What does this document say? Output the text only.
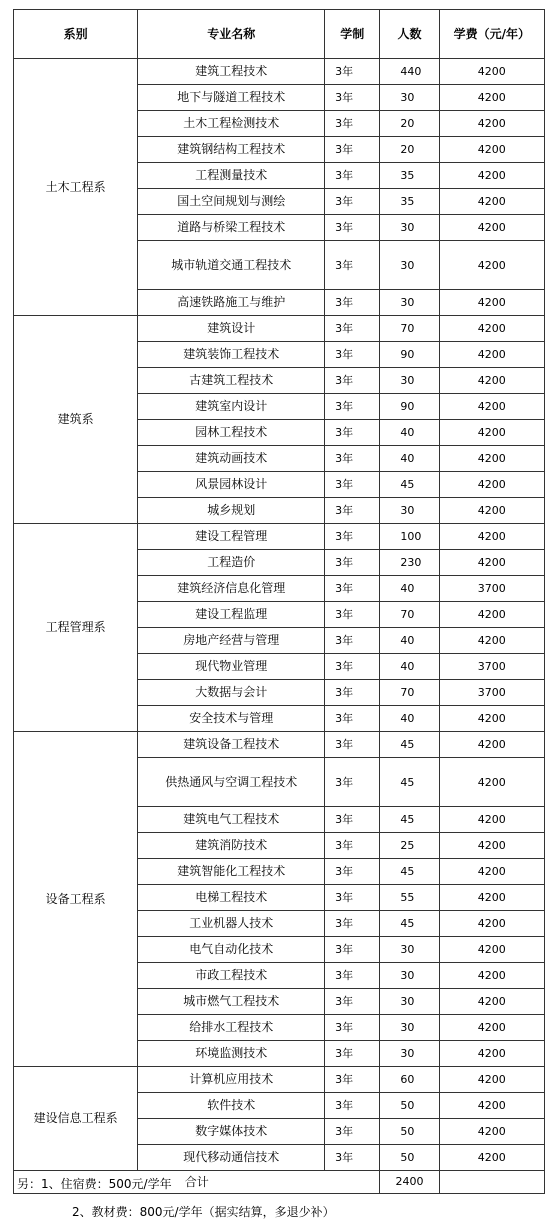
系别	专业名称	学制	人数	学费（元/年）
土木工程系	建筑工程技术	3年	440	4200
	地下与隧道工程技术	3年	30	4200
	土木工程检测技术	3年	20	4200
	建筑钢结构工程技术	3年	20	4200
	工程测量技术	3年	35	4200
	国土空间规划与测绘	3年	35	4200
	道路与桥梁工程技术	3年	30	4200
	城市轨道交通工程技术	3年	30	4200
	高速铁路施工与维护	3年	30	4200
建筑系	建筑设计	3年	70	4200
	建筑装饰工程技术	3年	90	4200
	古建筑工程技术	3年	30	4200
	建筑室内设计	3年	90	4200
	园林工程技术	3年	40	4200
	建筑动画技术	3年	40	4200
	风景园林设计	3年	45	4200
	城乡规划	3年	30	4200
工程管理系	建设工程管理	3年	100	4200
	工程造价	3年	230	4200
	建筑经济信息化管理	3年	40	3700
	建设工程监理	3年	70	4200
	房地产经营与管理	3年	40	4200
	现代物业管理	3年	40	3700
	大数据与会计	3年	70	3700
	安全技术与管理	3年	40	4200
设备工程系	建筑设备工程技术	3年	45	4200
	供热通风与空调工程技术	3年	45	4200
	建筑电气工程技术	3年	45	4200
	建筑消防技术	3年	25	4200
	建筑智能化工程技术	3年	45	4200
	电梯工程技术	3年	55	4200
	工业机器人技术	3年	45	4200
	电气自动化技术	3年	30	4200
	市政工程技术	3年	30	4200
	城市燃气工程技术	3年	30	4200
	给排水工程技术	3年	30	4200
	环境监测技术	3年	30	4200
建设信息工程系	计算机应用技术	3年	60	4200
	软件技术	3年	50	4200
	数字媒体技术	3年	50	4200
	现代移动通信技术	3年	50	4200
合计			2400	
另：1、住宿费：500元/学年
2、教材费：800元/学年（据实结算，多退少补）
